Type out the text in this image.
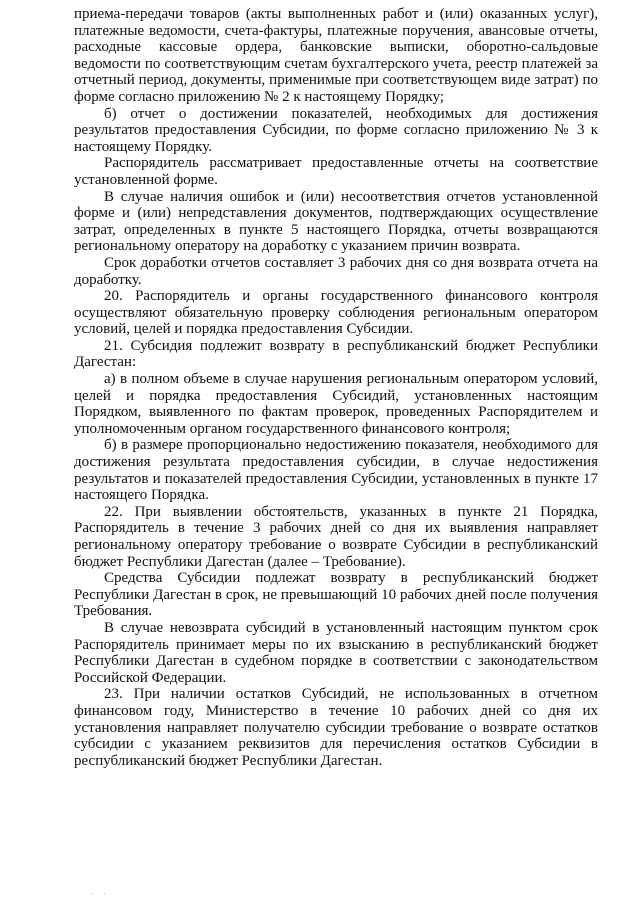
приема-передачи товаров (акты выполненных работ и (или) оказанных услуг), платежные ведомости, счета-фактуры, платежные поручения, авансовые отчеты, расходные кассовые ордера, банковские выписки, оборотно-сальдовые ведомости по соответствующим счетам бухгалтерского учета, реестр платежей за отчетный период, документы, применимые при соответствующем виде затрат) по форме согласно приложению № 2 к настоящему Порядку;

б) отчет о достижении показателей, необходимых для достижения результатов предоставления Субсидии, по форме согласно приложению № 3 к настоящему Порядку.

Распорядитель рассматривает предоставленные отчеты на соответствие установленной форме.

В случае наличия ошибок и (или) несоответствия отчетов установленной форме и (или) непредставления документов, подтверждающих осуществление затрат, определенных в пункте 5 настоящего Порядка, отчеты возвращаются региональному оператору на доработку с указанием причин возврата.

Срок доработки отчетов составляет 3 рабочих дня со дня возврата отчета на доработку.

20. Распорядитель и органы государственного финансового контроля осуществляют обязательную проверку соблюдения региональным оператором условий, целей и порядка предоставления Субсидии.

21. Субсидия подлежит возврату в республиканский бюджет Республики Дагестан:

а) в полном объеме в случае нарушения региональным оператором условий, целей и порядка предоставления Субсидий, установленных настоящим Порядком, выявленного по фактам проверок, проведенных Распорядителем и уполномоченным органом государственного финансового контроля;

б) в размере пропорционально недостижению показателя, необходимого для достижения результата предоставления субсидии, в случае недостижения результатов и показателей предоставления Субсидии, установленных в пункте 17 настоящего Порядка.

22. При выявлении обстоятельств, указанных в пункте 21 Порядка, Распорядитель в течение 3 рабочих дней со дня их выявления направляет региональному оператору требование о возврате Субсидии в республиканский бюджет Республики Дагестан (далее – Требование).

Средства Субсидии подлежат возврату в республиканский бюджет Республики Дагестан в срок, не превышающий 10 рабочих дней после получения Требования.

В случае невозврата субсидий в установленный настоящим пунктом срок Распорядитель принимает меры по их взысканию в республиканский бюджет Республики Дагестан в судебном порядке в соответствии с законодательством Российской Федерации.

23. При наличии остатков Субсидий, не использованных в отчетном финансовом году, Министерство в течение 10 рабочих дней со дня их установления направляет получателю субсидии требование о возврате остатков субсидии с указанием реквизитов для перечисления остатков Субсидии в республиканский бюджет Республики Дагестан.
